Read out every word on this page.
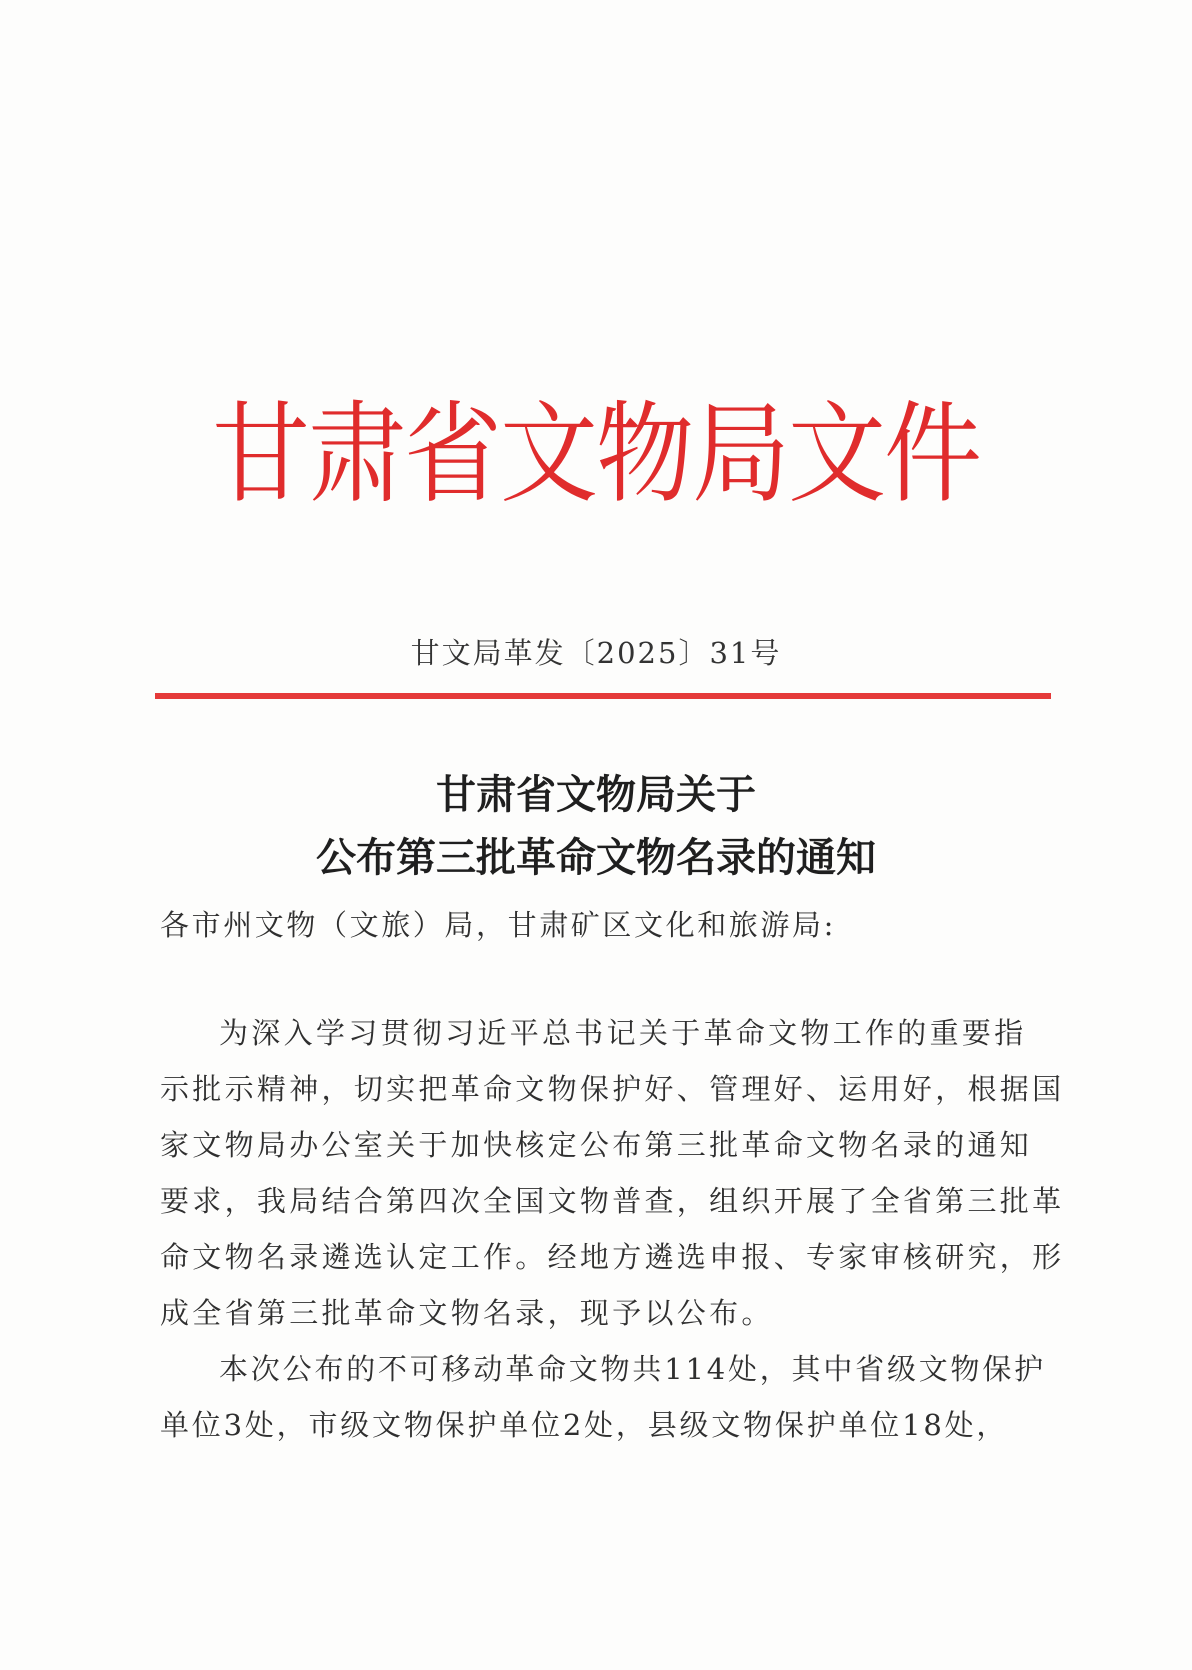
甘肃省文物局文件
甘文局革发〔2025〕31号
甘肃省文物局关于
公布第三批革命文物名录的通知
各市州文物（文旅）局，甘肃矿区文化和旅游局:
为深入学习贯彻习近平总书记关于革命文物工作的重要指
示批示精神，切实把革命文物保护好、管理好、运用好，根据国
家文物局办公室关于加快核定公布第三批革命文物名录的通知
要求，我局结合第四次全国文物普查，组织开展了全省第三批革
命文物名录遴选认定工作。经地方遴选申报、专家审核研究，形
成全省第三批革命文物名录，现予以公布。
本次公布的不可移动革命文物共114处，其中省级文物保护
单位3处，市级文物保护单位2处，县级文物保护单位18处，
